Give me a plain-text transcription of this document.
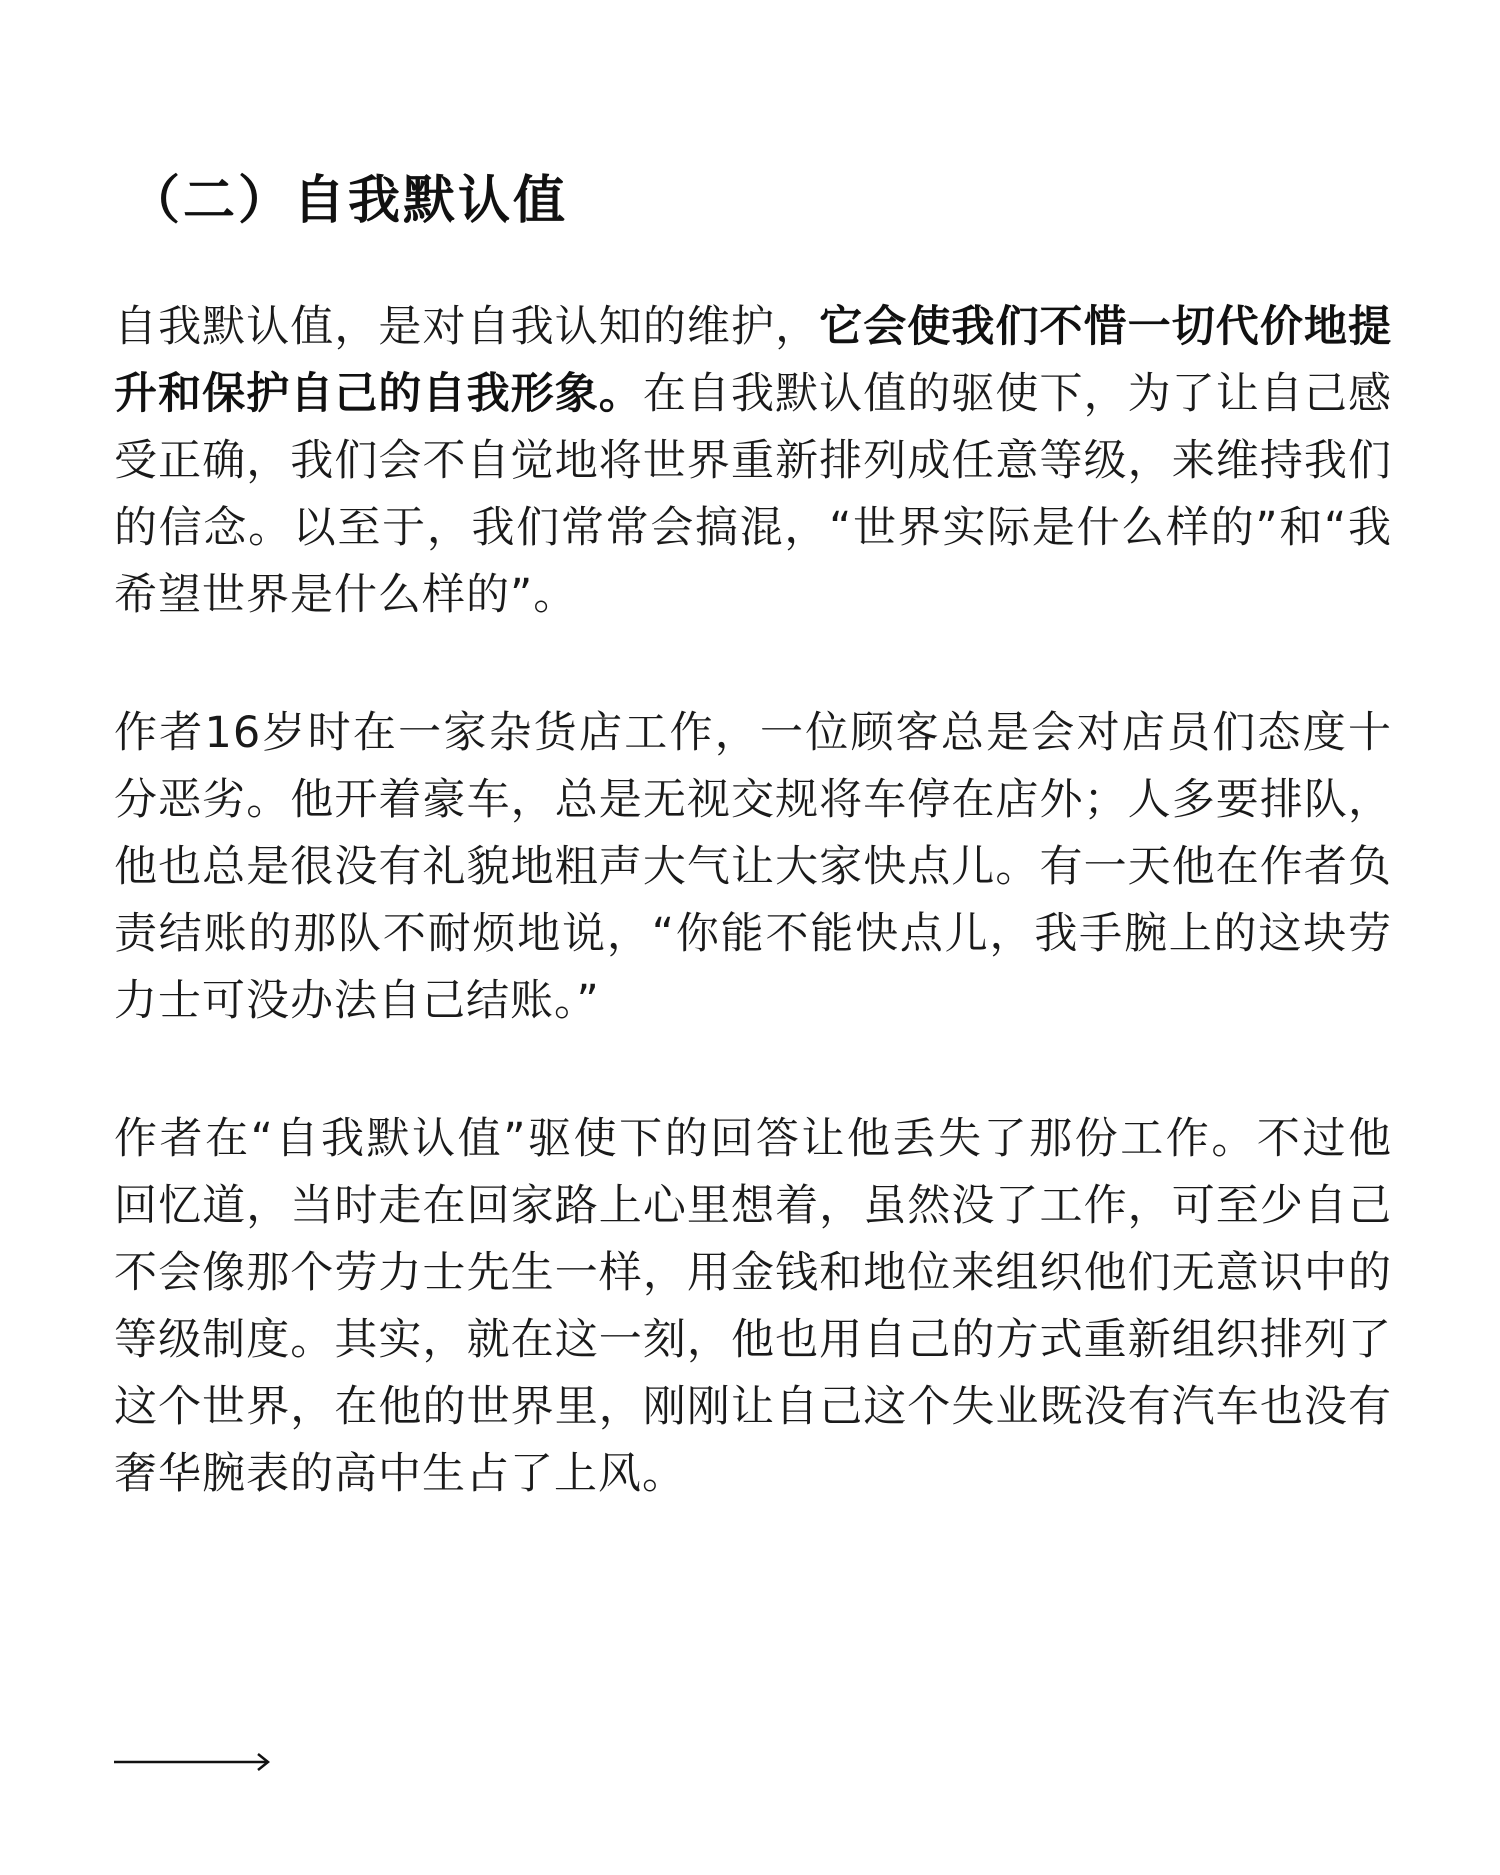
（二）自我默认值

自我默认值，是对自我认知的维护，它会使我们不惜一切代价地提升和保护自己的自我形象。在自我默认值的驱使下，为了让自己感受正确，我们会不自觉地将世界重新排列成任意等级，来维持我们的信念。以至于，我们常常会搞混，“世界实际是什么样的”和“我希望世界是什么样的”。

作者16岁时在一家杂货店工作，一位顾客总是会对店员们态度十分恶劣。他开着豪车，总是无视交规将车停在店外；人多要排队，他也总是很没有礼貌地粗声大气让大家快点儿。有一天他在作者负责结账的那队不耐烦地说，“你能不能快点儿，我手腕上的这块劳力士可没办法自己结账。”

作者在“自我默认值”驱使下的回答让他丢失了那份工作。不过他回忆道，当时走在回家路上心里想着，虽然没了工作，可至少自己不会像那个劳力士先生一样，用金钱和地位来组织他们无意识中的等级制度。其实，就在这一刻，他也用自己的方式重新组织排列了这个世界，在他的世界里，刚刚让自己这个失业既没有汽车也没有奢华腕表的高中生占了上风。
